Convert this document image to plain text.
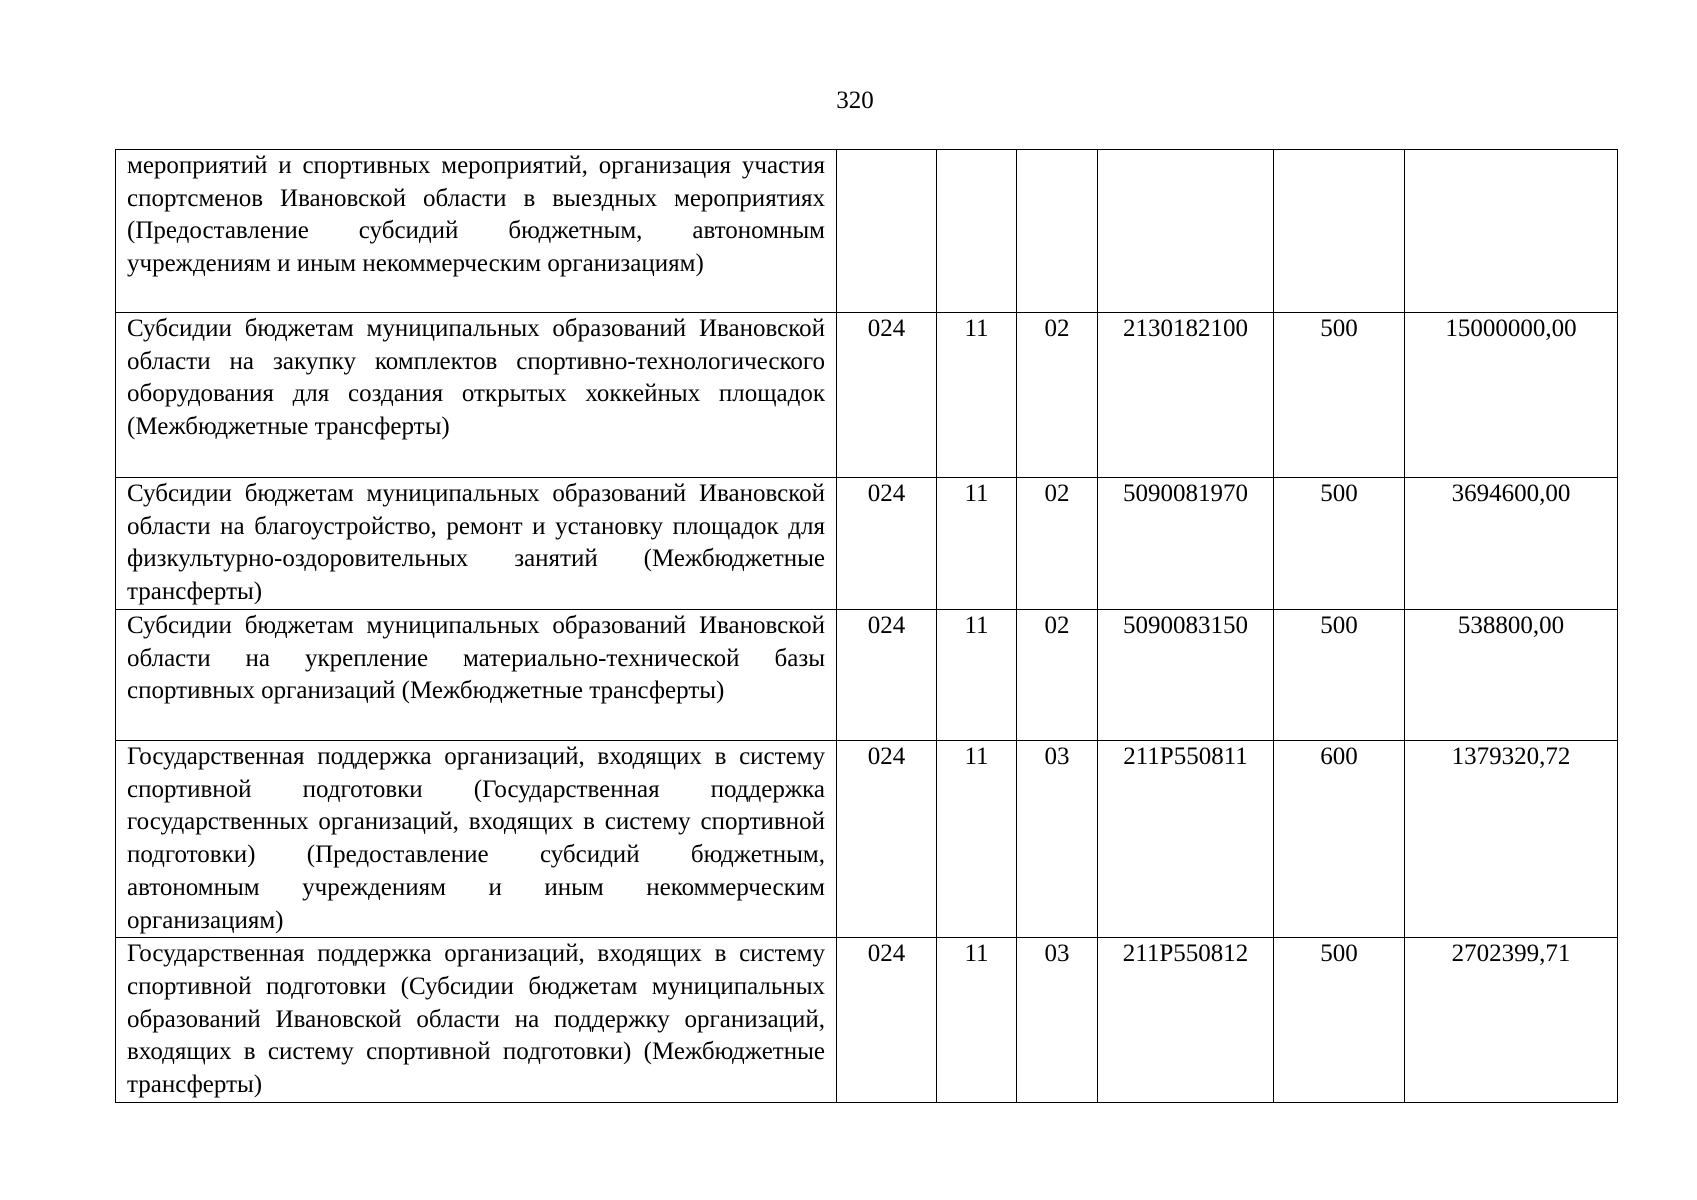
320
мероприятий и спортивных мероприятий, организация участия спортсменов Ивановской области в выездных мероприятиях (Предоставление субсидий бюджетным, автономным учреждениям и иным некоммерческим организациям)						
Субсидии бюджетам муниципальных образований Ивановской области на закупку комплектов спортивно-технологического оборудования для создания открытых хоккейных площадок (Межбюджетные трансферты)	024	11	02	2130182100	500	15000000,00
Субсидии бюджетам муниципальных образований Ивановской области на благоустройство, ремонт и установку площадок для физкультурно-оздоровительных занятий (Межбюджетные трансферты)	024	11	02	5090081970	500	3694600,00
Субсидии бюджетам муниципальных образований Ивановской области на укрепление материально-технической базы спортивных организаций (Межбюджетные трансферты)	024	11	02	5090083150	500	538800,00
Государственная поддержка организаций, входящих в систему спортивной подготовки (Государственная поддержка государственных организаций, входящих в систему спортивной подготовки) (Предоставление субсидий бюджетным, автономным учреждениям и иным некоммерческим организациям)	024	11	03	211P550811	600	1379320,72
Государственная поддержка организаций, входящих в систему спортивной подготовки (Субсидии бюджетам муниципальных образований Ивановской области на поддержку организаций, входящих в систему спортивной подготовки) (Межбюджетные трансферты)	024	11	03	211P550812	500	2702399,71
